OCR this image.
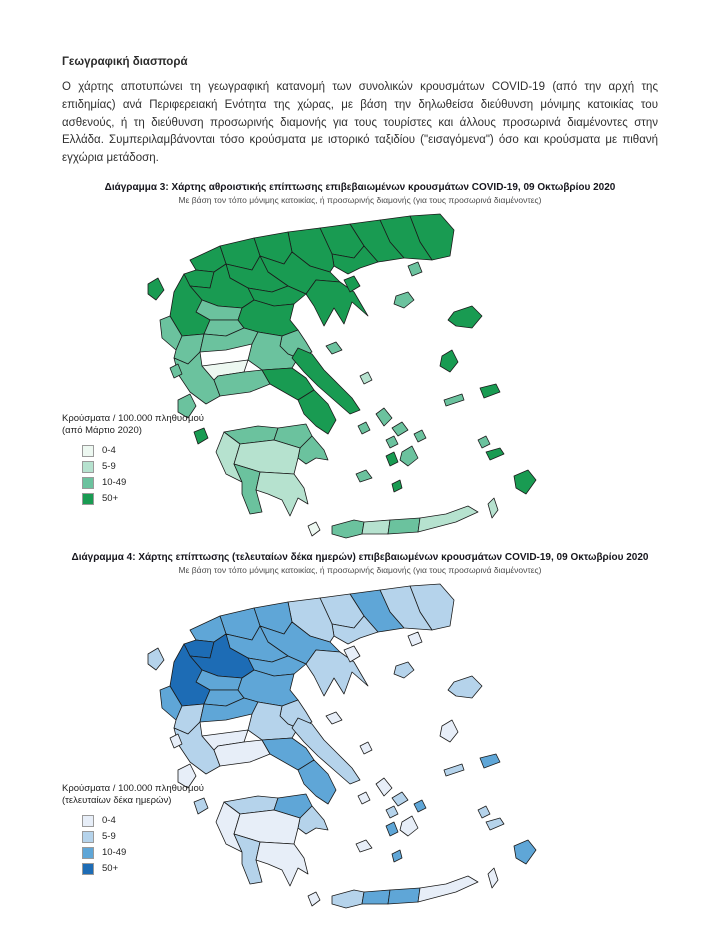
Γεωγραφική διασπορά

Ο χάρτης αποτυπώνει τη γεωγραφική κατανομή των συνολικών κρουσμάτων COVID-19 (από την αρχή της επιδημίας) ανά Περιφερειακή Ενότητα της χώρας, με βάση την δηλωθείσα διεύθυνση μόνιμης κατοικίας του ασθενούς, ή τη διεύθυνση προσωρινής διαμονής για τους τουρίστες και άλλους προσωρινά διαμένοντες στην Ελλάδα. Συμπεριλαμβάνονται τόσο κρούσματα με ιστορικό ταξιδίου ("εισαγόμενα") όσο και κρούσματα με πιθανή εγχώρια μετάδοση.

Διάγραμμα 3: Χάρτης αθροιστικής επίπτωσης επιβεβαιωμένων κρουσμάτων COVID-19, 09 Οκτωβρίου 2020
Με βάση τον τόπο μόνιμης κατοικίας, ή προσωρινής διαμονής (για τους προσωρινά διαμένοντες)
Κρούσματα / 100.000 πληθυσμού
(από Μάρτιο 2020)
0-4
5-9
10-49
50+
Διάγραμμα 4: Χάρτης επίπτωσης (τελευταίων δέκα ημερών) επιβεβαιωμένων κρουσμάτων COVID-19, 09 Οκτωβρίου 2020
Με βάση τον τόπο μόνιμης κατοικίας, ή προσωρινής διαμονής (για τους προσωρινά διαμένοντες)
Κρούσματα / 100.000 πληθυσμού
(τελευταίων δέκα ημερών)
0-4
5-9
10-49
50+
